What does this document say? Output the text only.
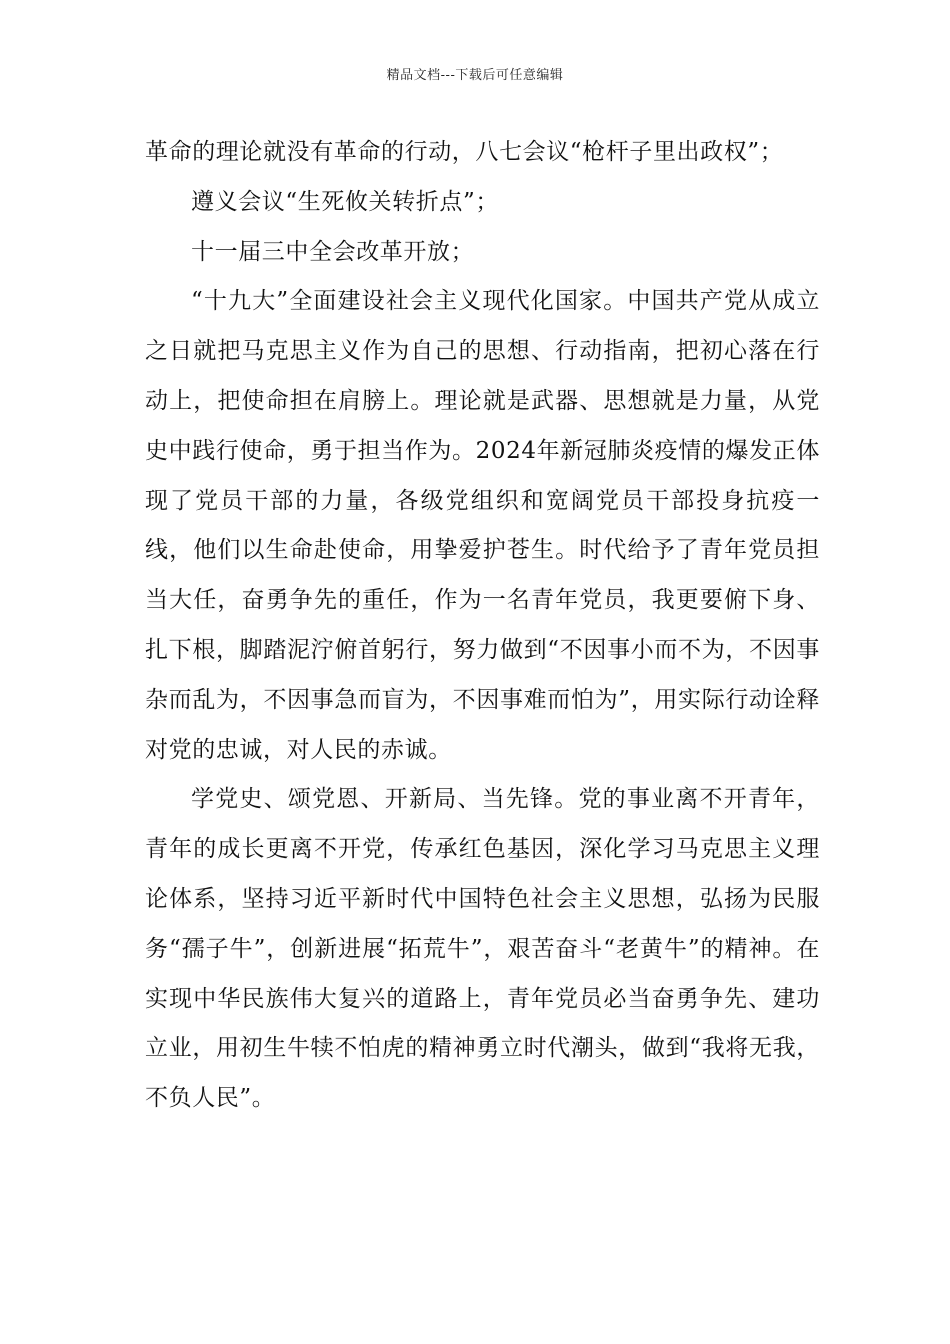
精品文档---下载后可任意编辑

革命的理论就没有革命的行动，八七会议“枪杆子里出政权”；

遵义会议“生死攸关转折点”；

十一届三中全会改革开放；

“十九大”全面建设社会主义现代化国家。中国共产党从成立之日就把马克思主义作为自己的思想、行动指南，把初心落在行动上，把使命担在肩膀上。理论就是武器、思想就是力量，从党史中践行使命，勇于担当作为。2024年新冠肺炎疫情的爆发正体现了党员干部的力量，各级党组织和宽阔党员干部投身抗疫一线，他们以生命赴使命，用挚爱护苍生。时代给予了青年党员担当大任，奋勇争先的重任，作为一名青年党员，我更要俯下身、扎下根，脚踏泥泞俯首躬行，努力做到“不因事小而不为，不因事杂而乱为，不因事急而盲为，不因事难而怕为”，用实际行动诠释对党的忠诚，对人民的赤诚。

学党史、颂党恩、开新局、当先锋。党的事业离不开青年，青年的成长更离不开党，传承红色基因，深化学习马克思主义理论体系，坚持习近平新时代中国特色社会主义思想，弘扬为民服务“孺子牛”，创新进展“拓荒牛”，艰苦奋斗“老黄牛”的精神。在实现中华民族伟大复兴的道路上，青年党员必当奋勇争先、建功立业，用初生牛犊不怕虎的精神勇立时代潮头，做到“我将无我，不负人民”。
